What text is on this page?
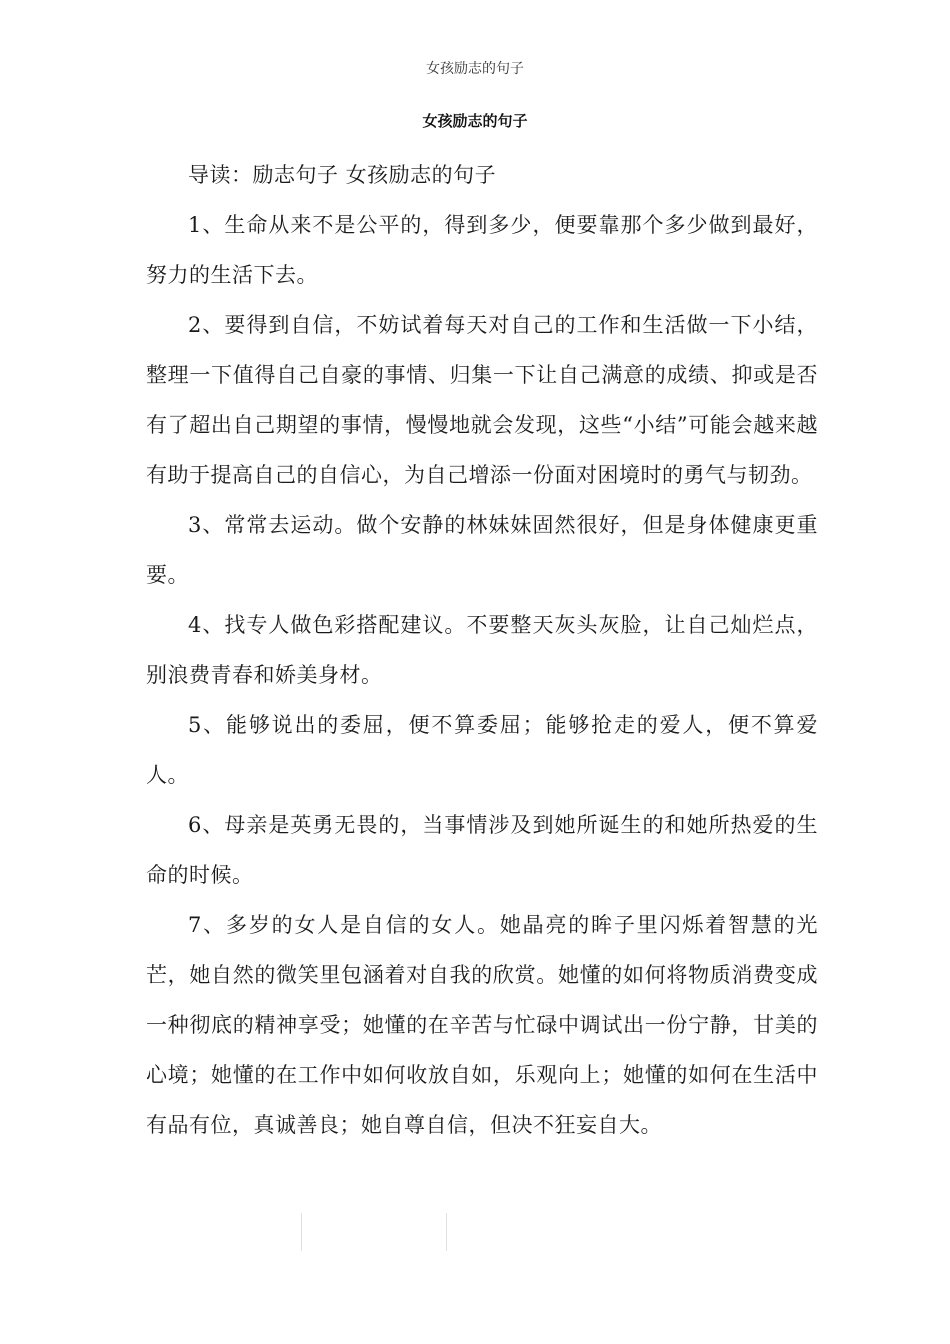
女孩励志的句子
女孩励志的句子

导读：励志句子 女孩励志的句子

1、生命从来不是公平的，得到多少，便要靠那个多少做到最好，努力的生活下去。

2、要得到自信，不妨试着每天对自己的工作和生活做一下小结，整理一下值得自己自豪的事情、归集一下让自己满意的成绩、抑或是否有了超出自己期望的事情，慢慢地就会发现，这些“小结”可能会越来越有助于提高自己的自信心，为自己增添一份面对困境时的勇气与韧劲。

3、常常去运动。做个安静的林妹妹固然很好，但是身体健康更重要。

4、找专人做色彩搭配建议。不要整天灰头灰脸，让自己灿烂点，别浪费青春和娇美身材。

5、能够说出的委屈，便不算委屈；能够抢走的爱人，便不算爱人。

6、母亲是英勇无畏的，当事情涉及到她所诞生的和她所热爱的生命的时候。

7、多岁的女人是自信的女人。她晶亮的眸子里闪烁着智慧的光芒，她自然的微笑里包涵着对自我的欣赏。她懂的如何将物质消费变成一种彻底的精神享受；她懂的在辛苦与忙碌中调试出一份宁静，甘美的心境；她懂的在工作中如何收放自如，乐观向上；她懂的如何在生活中有品有位，真诚善良；她自尊自信，但决不狂妄自大。
